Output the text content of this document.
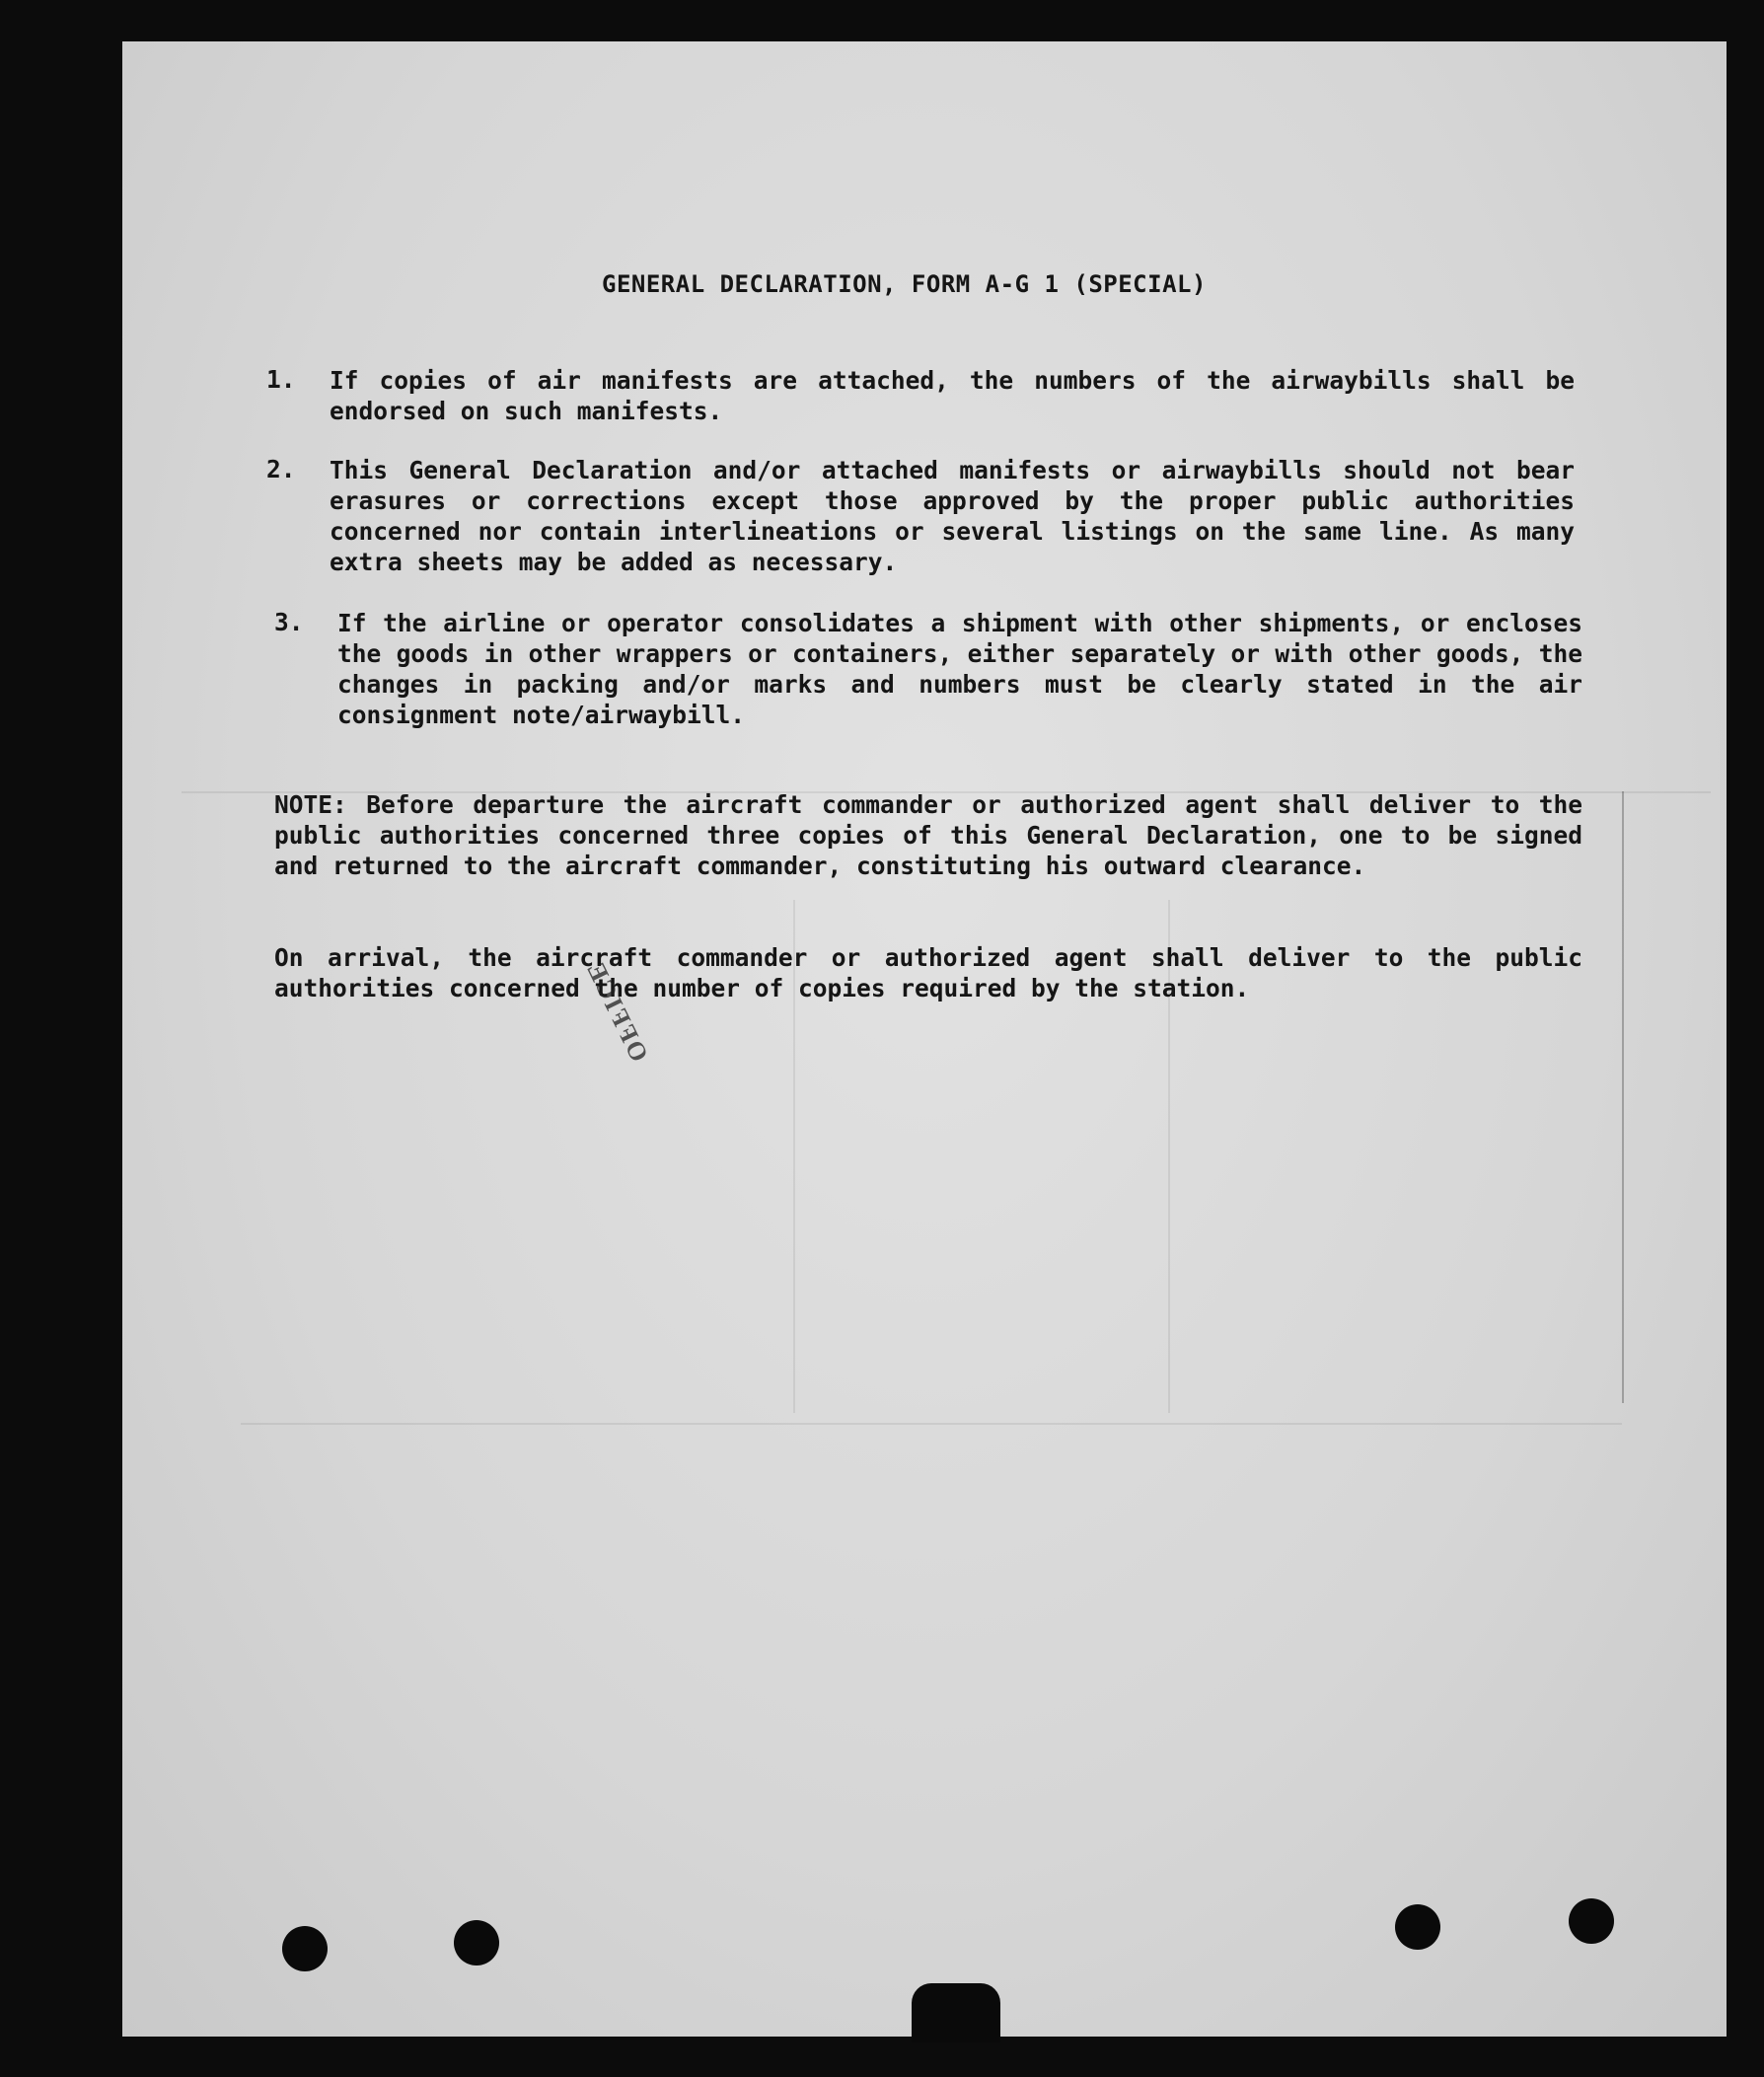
GENERAL DECLARATION, FORM A-G 1 (SPECIAL)
1. If copies of air manifests are attached, the numbers of the airwaybills shall be endorsed on such manifests.
2. This General Declaration and/or attached manifests or airwaybills should not bear erasures or corrections except those approved by the proper public authorities concerned nor contain interlineations or several listings on the same line. As many extra sheets may be added as necessary.
3. If the airline or operator consolidates a shipment with other shipments, or encloses the goods in other wrappers or containers, either separately or with other goods, the changes in packing and/or marks and numbers must be clearly stated in the air consignment note/airwaybill.
NOTE: Before departure the aircraft commander or authorized agent shall deliver to the public authorities concerned three copies of this General Declaration, one to be signed and returned to the aircraft commander, constituting his outward clearance.
On arrival, the aircraft commander or authorized agent shall deliver to the public authorities concerned the number of copies required by the station.
OFFICE
